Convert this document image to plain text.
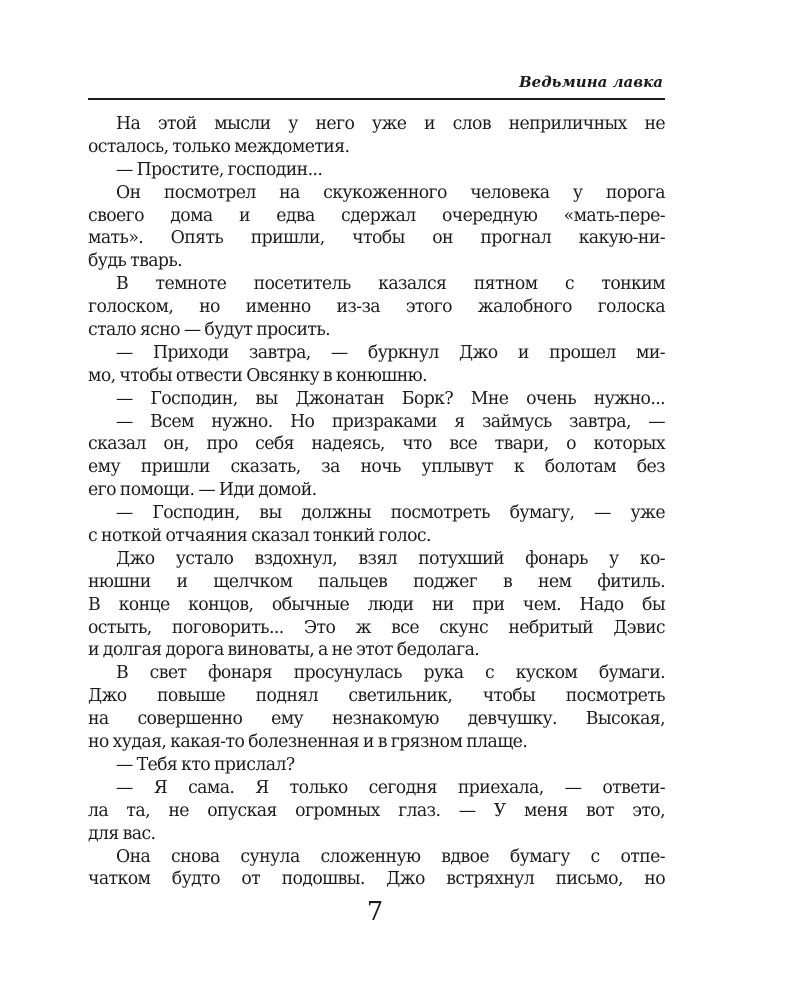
Ведьмина лавка
На этой мысли у него уже и слов неприличных не
осталось, только междометия.
— Простите, господин...
Он посмотрел на скукоженного человека у порога
своего дома и едва сдержал очередную «мать-пере-
мать». Опять пришли, чтобы он прогнал какую-ни-
будь тварь.
В темноте посетитель казался пятном с тонким
голоском, но именно из-за этого жалобного голоска
стало ясно — будут просить.
— Приходи завтра, — буркнул Джо и прошел ми-
мо, чтобы отвести Овсянку в конюшню.
— Господин, вы Джонатан Борк? Мне очень нужно...
— Всем нужно. Но призраками я займусь завтра, —
сказал он, про себя надеясь, что все твари, о которых
ему пришли сказать, за ночь уплывут к болотам без
его помощи. — Иди домой.
— Господин, вы должны посмотреть бумагу, — уже
с ноткой отчаяния сказал тонкий голос.
Джо устало вздохнул, взял потухший фонарь у ко-
нюшни и щелчком пальцев поджег в нем фитиль.
В конце концов, обычные люди ни при чем. Надо бы
остыть, поговорить... Это ж все скунс небритый Дэвис
и долгая дорога виноваты, а не этот бедолага.
В свет фонаря просунулась рука с куском бумаги.
Джо повыше поднял светильник, чтобы посмотреть
на совершенно ему незнакомую девчушку. Высокая,
но худая, какая-то болезненная и в грязном плаще.
— Тебя кто прислал?
— Я сама. Я только сегодня приехала, — ответи-
ла та, не опуская огромных глаз. — У меня вот это,
для вас.
Она снова сунула сложенную вдвое бумагу с отпе-
чатком будто от подошвы. Джо встряхнул письмо, но
7
